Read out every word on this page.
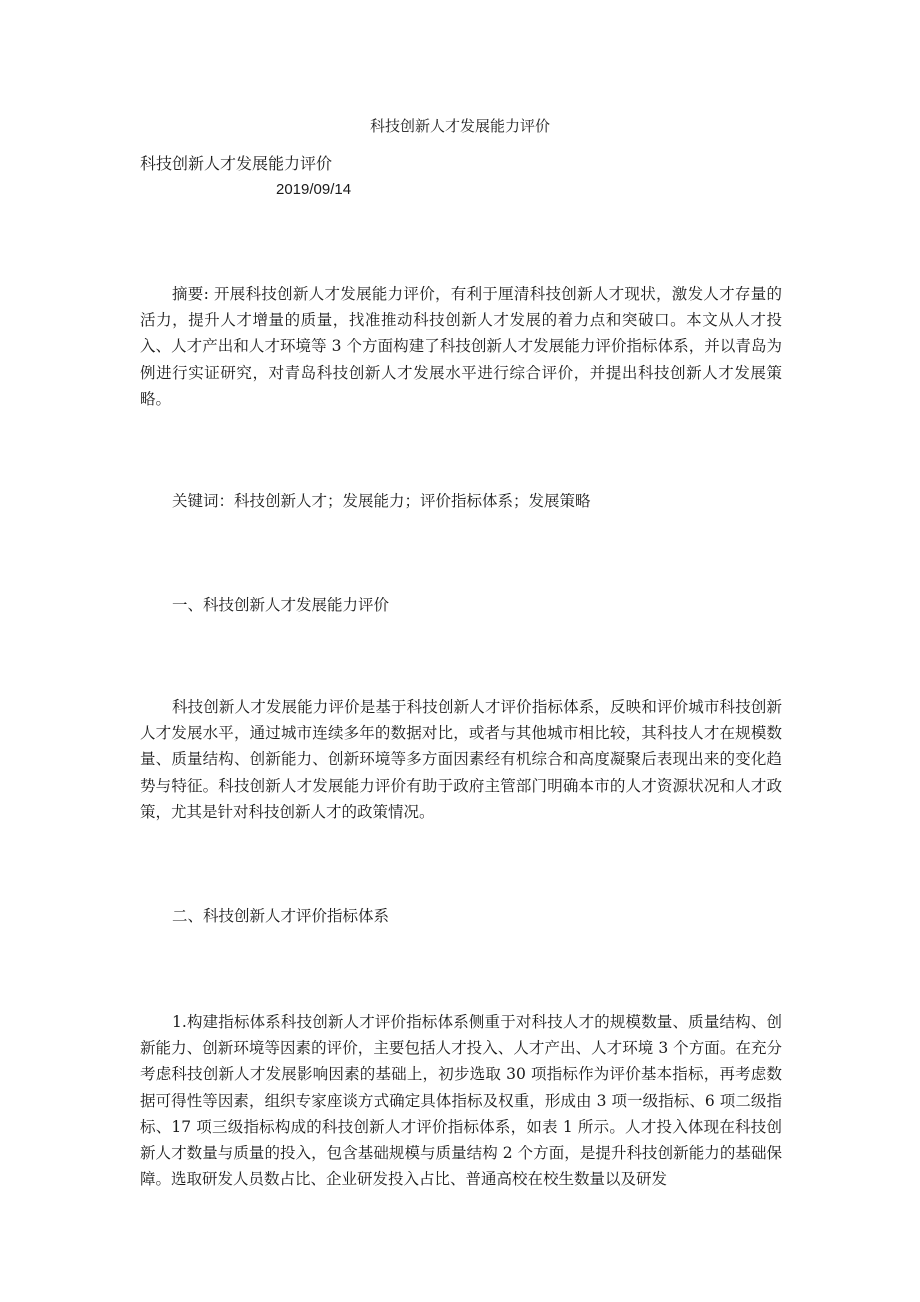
科技创新人才发展能力评价
科技创新人才发展能力评价
2019/09/14
摘要: 开展科技创新人才发展能力评价，有利于厘清科技创新人才现状，激发人才存量的活力，提升人才增量的质量，找准推动科技创新人才发展的着力点和突破口。本文从人才投入、人才产出和人才环境等 3 个方面构建了科技创新人才发展能力评价指标体系，并以青岛为例进行实证研究，对青岛科技创新人才发展水平进行综合评价，并提出科技创新人才发展策略。
关键词：科技创新人才；发展能力；评价指标体系；发展策略
一、科技创新人才发展能力评价
科技创新人才发展能力评价是基于科技创新人才评价指标体系，反映和评价城市科技创新人才发展水平，通过城市连续多年的数据对比，或者与其他城市相比较，其科技人才在规模数量、质量结构、创新能力、创新环境等多方面因素经有机综合和高度凝聚后表现出来的变化趋势与特征。科技创新人才发展能力评价有助于政府主管部门明确本市的人才资源状况和人才政策，尤其是针对科技创新人才的政策情况。
二、科技创新人才评价指标体系
1.构建指标体系科技创新人才评价指标体系侧重于对科技人才的规模数量、质量结构、创新能力、创新环境等因素的评价，主要包括人才投入、人才产出、人才环境 3 个方面。在充分考虑科技创新人才发展影响因素的基础上，初步选取 30 项指标作为评价基本指标，再考虑数据可得性等因素，组织专家座谈方式确定具体指标及权重，形成由 3 项一级指标、6 项二级指标、17 项三级指标构成的科技创新人才评价指标体系，如表 1 所示。人才投入体现在科技创新人才数量与质量的投入，包含基础规模与质量结构 2 个方面，是提升科技创新能力的基础保障。选取研发人员数占比、企业研发投入占比、普通高校在校生数量以及研发
